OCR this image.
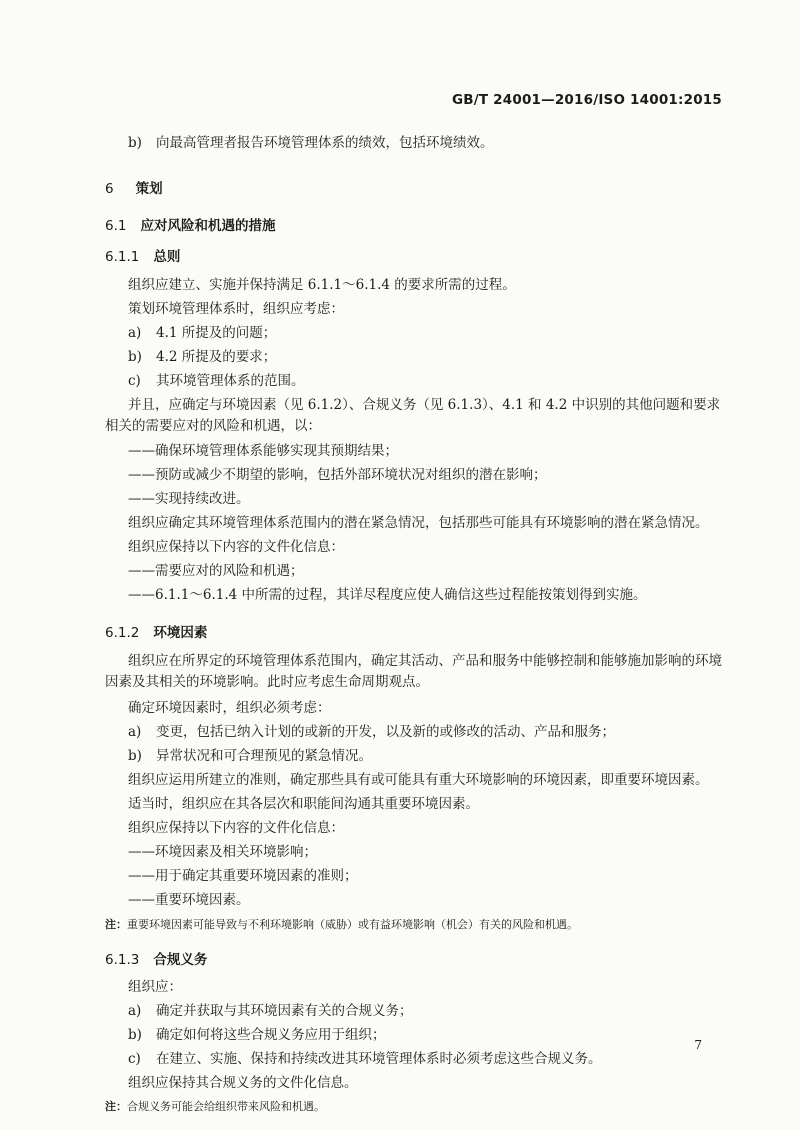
GB/T 24001—2016/ISO 14001:2015
b) 向最高管理者报告环境管理体系的绩效，包括环境绩效。
6 策划
6.1 应对风险和机遇的措施
6.1.1 总则
组织应建立、实施并保持满足 6.1.1～6.1.4 的要求所需的过程。
策划环境管理体系时，组织应考虑：
a) 4.1 所提及的问题；
b) 4.2 所提及的要求；
c) 其环境管理体系的范围。
并且，应确定与环境因素（见 6.1.2）、合规义务（见 6.1.3）、4.1 和 4.2 中识别的其他问题和要求相关的需要应对的风险和机遇，以：
——确保环境管理体系能够实现其预期结果；
——预防或减少不期望的影响，包括外部环境状况对组织的潜在影响；
——实现持续改进。
组织应确定其环境管理体系范围内的潜在紧急情况，包括那些可能具有环境影响的潜在紧急情况。
组织应保持以下内容的文件化信息：
——需要应对的风险和机遇；
——6.1.1～6.1.4 中所需的过程，其详尽程度应使人确信这些过程能按策划得到实施。
6.1.2 环境因素
组织应在所界定的环境管理体系范围内，确定其活动、产品和服务中能够控制和能够施加影响的环境因素及其相关的环境影响。此时应考虑生命周期观点。
确定环境因素时，组织必须考虑：
a) 变更，包括已纳入计划的或新的开发，以及新的或修改的活动、产品和服务；
b) 异常状况和可合理预见的紧急情况。
组织应运用所建立的准则，确定那些具有或可能具有重大环境影响的环境因素，即重要环境因素。
适当时，组织应在其各层次和职能间沟通其重要环境因素。
组织应保持以下内容的文件化信息：
——环境因素及相关环境影响；
——用于确定其重要环境因素的准则；
——重要环境因素。
注：重要环境因素可能导致与不利环境影响（威胁）或有益环境影响（机会）有关的风险和机遇。
6.1.3 合规义务
组织应：
a) 确定并获取与其环境因素有关的合规义务；
b) 确定如何将这些合规义务应用于组织；
c) 在建立、实施、保持和持续改进其环境管理体系时必须考虑这些合规义务。
组织应保持其合规义务的文件化信息。
注：合规义务可能会给组织带来风险和机遇。
7
